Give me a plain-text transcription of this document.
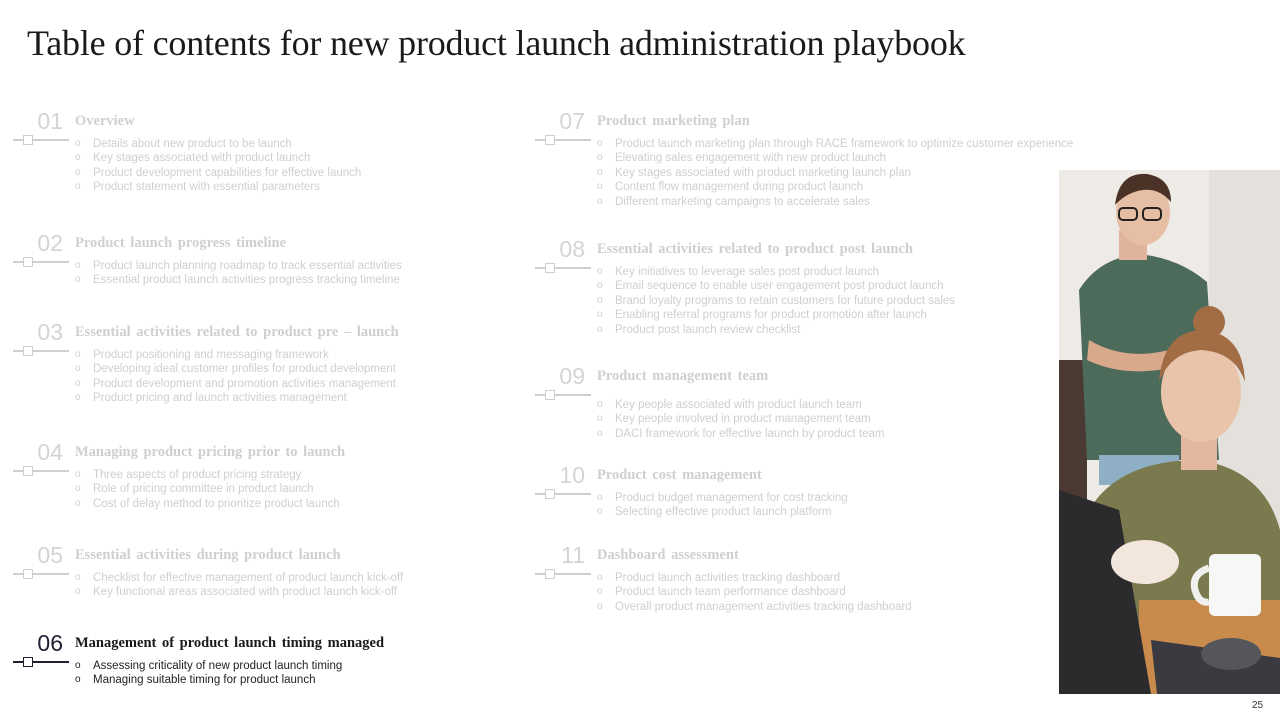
Table of contents for new product launch administration playbook
01 Overview
o Details about new product to be launch
o Key stages associated with product launch
o Product development capabilities for effective launch
o Product statement with essential parameters
02 Product launch progress timeline
o Product launch planning roadmap to track essential activities
o Essential product launch activities progress tracking timeline
03 Essential activities related to product pre – launch
o Product positioning and messaging framework
o Developing ideal customer profiles for product development
o Product development and promotion activities management
o Product pricing and launch activities management
04 Managing product pricing prior to launch
o Three aspects of product pricing strategy
o Role of pricing committee in product launch
o Cost of delay method to prioritize product launch
05 Essential activities during product launch
o Checklist for effective management of product launch kick-off
o Key functional areas associated with product launch kick-off
06 Management of product launch timing managed
o Assessing criticality of new product launch timing
o Managing suitable timing for product launch
07 Product marketing plan
o Product launch marketing plan through RACE framework to optimize customer experience
o Elevating sales engagement with new product launch
o Key stages associated with product marketing launch plan
o Content flow management during product launch
o Different marketing campaigns to accelerate sales
08 Essential activities related to product post launch
o Key initiatives to leverage sales post product launch
o Email sequence to enable user engagement post product launch
o Brand loyalty programs to retain customers for future product sales
o Enabling referral programs for product promotion after launch
o Product post launch review checklist
09 Product management team
o Key people associated with product launch team
o Key people involved in product management team
o DACI framework for effective launch by product team
10 Product cost management
o Product budget management for cost tracking
o Selecting effective product launch platform
11 Dashboard assessment
o Product launch activities tracking dashboard
o Product launch team performance dashboard
o Overall product management activities tracking dashboard
25
